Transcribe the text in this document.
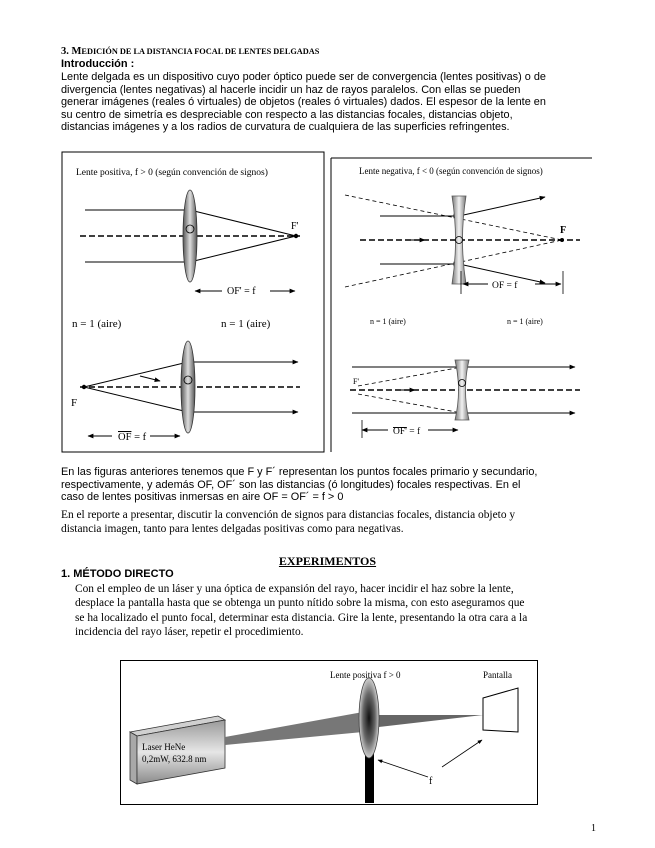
3. MEDICIÓN DE LA DISTANCIA FOCAL DE LENTES DELGADAS
Introducción :
Lente delgada es un dispositivo cuyo poder óptico puede ser de convergencia (lentes positivas) o de
divergencia (lentes negativas) al hacerle incidir un haz de rayos paralelos. Con ellas se pueden
generar imágenes (reales ó virtuales) de objetos (reales ó virtuales) dados. El espesor de la lente en
su centro de simetría es despreciable con respecto a las distancias focales, distancias objeto,
distancias imágenes y a los radios de curvatura de cualquiera de las superficies refringentes.
Lente positiva, f > 0 (según convención de signos)
F'
OF' = f
n = 1 (aire)	n = 1 (aire)
F
OF = f
Lente negativa, f < 0 (según convención de signos)
F
OF = f
n = 1 (aire)	n = 1 (aire)
F'
OF' = f
En las figuras anteriores tenemos que F y F´ representan los puntos focales primario y secundario,
respectivamente, y además OF, OF´ son las distancias (ó longitudes) focales respectivas. En el
caso de lentes positivas inmersas en aire OF = OF´ = f > 0
En el reporte a presentar, discutir la convención de signos para distancias focales, distancia objeto y
distancia imagen, tanto para lentes delgadas positivas como para negativas.
EXPERIMENTOS
1. MÉTODO DIRECTO
Con el empleo de un láser y una óptica de expansión del rayo, hacer incidir el haz sobre la lente,
desplace la pantalla hasta que se obtenga un punto nítido sobre la misma, con esto aseguramos que
se ha localizado el punto focal, determinar esta distancia. Gire la lente, presentando la otra cara a la
incidencia del rayo láser, repetir el procedimiento.
Laser HeNe
0,2mW, 632.8 nm
Lente positiva f > 0	Pantalla
f
1
